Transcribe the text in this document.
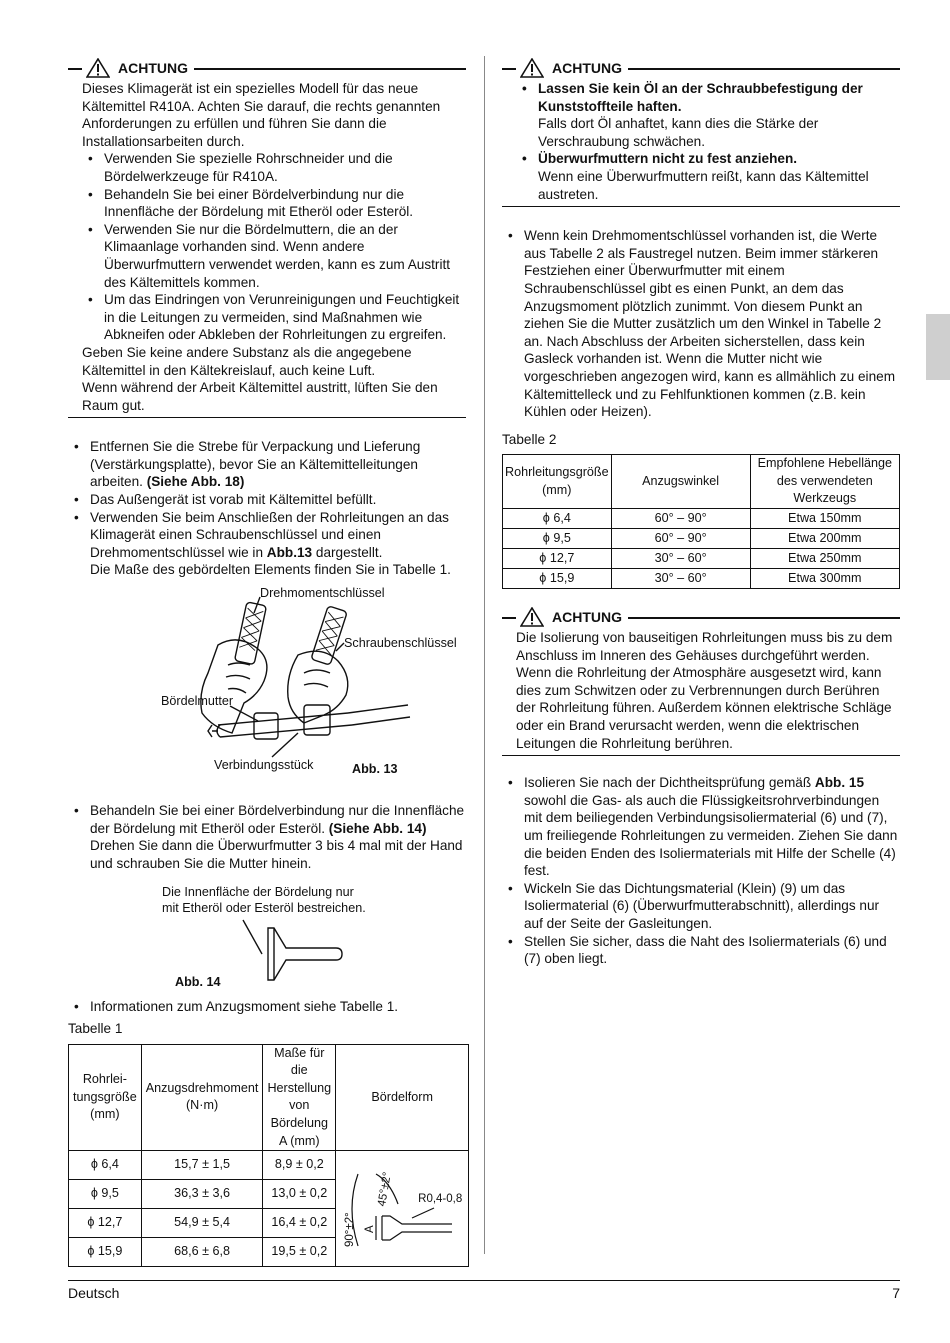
ACHTUNG

Dieses Klimagerät ist ein spezielles Modell für das neue Kältemittel R410A. Achten Sie darauf, die rechts genannten Anforderungen zu erfüllen und führen Sie dann die Installationsarbeiten durch.

• Verwenden Sie spezielle Rohrschneider und die Bördelwerkzeuge für R410A.

• Behandeln Sie bei einer Bördelverbindung nur die Innenfläche der Bördelung mit Etheröl oder Esteröl.

• Verwenden Sie nur die Bördelmuttern, die an der Klimaanlage vorhanden sind. Wenn andere Überwurfmuttern verwendet werden, kann es zum Austritt des Kältemittels kommen.

• Um das Eindringen von Verunreinigungen und Feuchtigkeit in die Leitungen zu vermeiden, sind Maßnahmen wie Abkneifen oder Abkleben der Rohrleitungen zu ergreifen.

Geben Sie keine andere Substanz als die angegebene Kältemittel in den Kältekreislauf, auch keine Luft.

Wenn während der Arbeit Kältemittel austritt, lüften Sie den Raum gut.

• Entfernen Sie die Strebe für Verpackung und Lieferung (Verstärkungsplatte), bevor Sie an Kältemittelleitungen arbeiten. (Siehe Abb. 18)

• Das Außengerät ist vorab mit Kältemittel befüllt.

• Verwenden Sie beim Anschließen der Rohrleitungen an das Klimagerät einen Schraubenschlüssel und einen Drehmomentschlüssel wie in Abb.13 dargestellt.
Die Maße des gebördelten Elements finden Sie in Tabelle 1.

Drehmomentschlüssel
Schraubenschlüssel
Bördelmutter
Verbindungsstück	Abb. 13

• Behandeln Sie bei einer Bördelverbindung nur die Innenfläche der Bördelung mit Etheröl oder Esteröl. (Siehe Abb. 14) Drehen Sie dann die Überwurfmutter 3 bis 4 mal mit der Hand und schrauben Sie die Mutter hinein.

Die Innenfläche der Bördelung nur
mit Etheröl oder Esteröl bestreichen.
Abb. 14

• Informationen zum Anzugsmoment siehe Tabelle 1.

Tabelle 1

Rohrlei-tungsgröße (mm)	Anzugsdrehmoment (N·m)	Maße für die Herstellung von Bördelung A (mm)	Bördelform
ϕ 6,4	15,7 ± 1,5	8,9 ± 0,2	45°±2°
90°±2°
R0,4-0,8
A

ϕ 9,5	36,3 ± 3,6	13,0 ± 0,2	
ϕ 12,7	54,9 ± 5,4	16,4 ± 0,2	
ϕ 15,9	68,6 ± 6,8	19,5 ± 0,2	
ACHTUNG

• Lassen Sie kein Öl an der Schraubbefestigung der Kunststoffteile haften.

Falls dort Öl anhaftet, kann dies die Stärke der Verschraubung schwächen.

• Überwurfmuttern nicht zu fest anziehen.

Wenn eine Überwurfmuttern reißt, kann das Kältemittel austreten.

• Wenn kein Drehmomentschlüssel vorhanden ist, die Werte aus Tabelle 2 als Faustregel nutzen. Beim immer stärkeren Festziehen einer Überwurfmutter mit einem Schraubenschlüssel gibt es einen Punkt, an dem das Anzugsmoment plötzlich zunimmt. Von diesem Punkt an ziehen Sie die Mutter zusätzlich um den Winkel in Tabelle 2 an. Nach Abschluss der Arbeiten sicherstellen, dass kein Gasleck vorhanden ist. Wenn die Mutter nicht wie vorgeschrieben angezogen wird, kann es allmählich zu einem Kältemittelleck und zu Fehlfunktionen kommen (z.B. kein Kühlen oder Heizen).

Tabelle 2

Rohrleitungsgröße (mm)	Anzugswinkel	Empfohlene Hebellänge des verwendeten Werkzeugs
ϕ 6,4	60° – 90°	Etwa 150mm
ϕ 9,5	60° – 90°	Etwa 200mm
ϕ 12,7	30° – 60°	Etwa 250mm
ϕ 15,9	30° – 60°	Etwa 300mm
ACHTUNG

Die Isolierung von bauseitigen Rohrleitungen muss bis zu dem Anschluss im Inneren des Gehäuses durchgeführt werden. Wenn die Rohrleitung der Atmosphäre ausgesetzt wird, kann dies zum Schwitzen oder zu Verbrennungen durch Berühren der Rohrleitung führen. Außerdem können elektrische Schläge oder ein Brand verursacht werden, wenn die elektrischen Leitungen die Rohrleitung berühren.

• Isolieren Sie nach der Dichtheitsprüfung gemäß Abb. 15 sowohl die Gas- als auch die Flüssigkeitsrohrverbindungen mit dem beiliegenden Verbindungsisoliermaterial (6) und (7), um freiliegende Rohrleitungen zu vermeiden. Ziehen Sie dann die beiden Enden des Isoliermaterials mit Hilfe der Schelle (4) fest.

• Wickeln Sie das Dichtungsmaterial (Klein) (9) um das Isoliermaterial (6) (Überwurfmutterabschnitt), allerdings nur auf der Seite der Gasleitungen.

• Stellen Sie sicher, dass die Naht des Isoliermaterials (6) und (7) oben liegt.

Deutsch	7
